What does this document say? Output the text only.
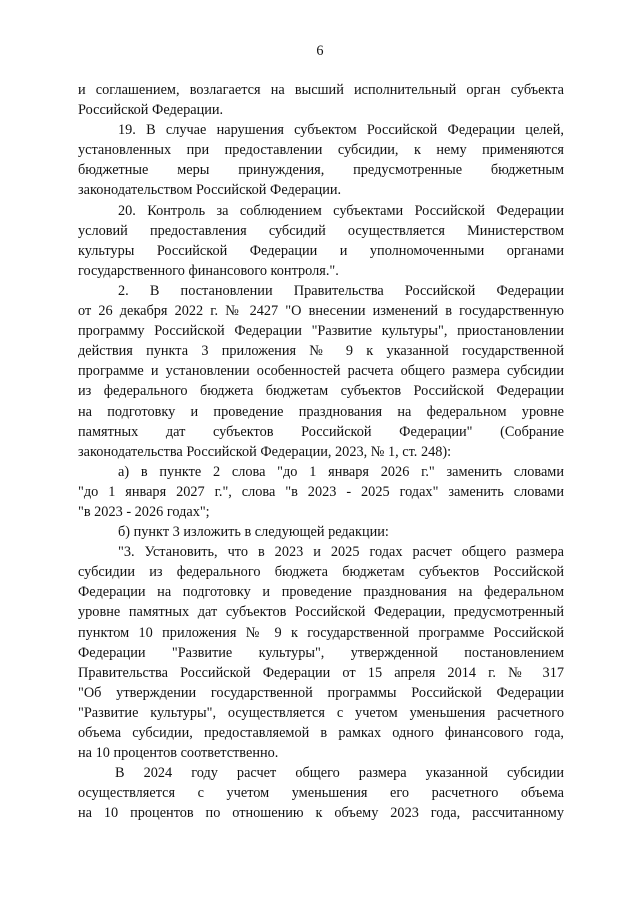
6
и соглашением, возлагается на высший исполнительный орган субъекта
Российской Федерации.
19. В случае нарушения субъектом Российской Федерации целей,
установленных при предоставлении субсидии, к нему применяются
бюджетные меры принуждения, предусмотренные бюджетным
законодательством Российской Федерации.
20. Контроль за соблюдением субъектами Российской Федерации
условий предоставления субсидий осуществляется Министерством
культуры Российской Федерации и уполномоченными органами
государственного финансового контроля.".
2. В постановлении Правительства Российской Федерации
от 26 декабря 2022 г. № 2427 "О внесении изменений в государственную
программу Российской Федерации "Развитие культуры", приостановлении
действия пункта 3 приложения № 9 к указанной государственной
программе и установлении особенностей расчета общего размера субсидии
из федерального бюджета бюджетам субъектов Российской Федерации
на подготовку и проведение празднования на федеральном уровне
памятных дат субъектов Российской Федерации" (Собрание
законодательства Российской Федерации, 2023, № 1, ст. 248):
а) в пункте 2 слова "до 1 января 2026 г." заменить словами
"до 1 января 2027 г.", слова "в 2023 - 2025 годах" заменить словами
"в 2023 - 2026 годах";
б) пункт 3 изложить в следующей редакции:
"3. Установить, что в 2023 и 2025 годах расчет общего размера
субсидии из федерального бюджета бюджетам субъектов Российской
Федерации на подготовку и проведение празднования на федеральном
уровне памятных дат субъектов Российской Федерации, предусмотренный
пунктом 10 приложения № 9 к государственной программе Российской
Федерации "Развитие культуры", утвержденной постановлением
Правительства Российской Федерации от 15 апреля 2014 г. № 317
"Об утверждении государственной программы Российской Федерации
"Развитие культуры", осуществляется с учетом уменьшения расчетного
объема субсидии, предоставляемой в рамках одного финансового года,
на 10 процентов соответственно.
В 2024 году расчет общего размера указанной субсидии
осуществляется с учетом уменьшения его расчетного объема
на 10 процентов по отношению к объему 2023 года, рассчитанному
